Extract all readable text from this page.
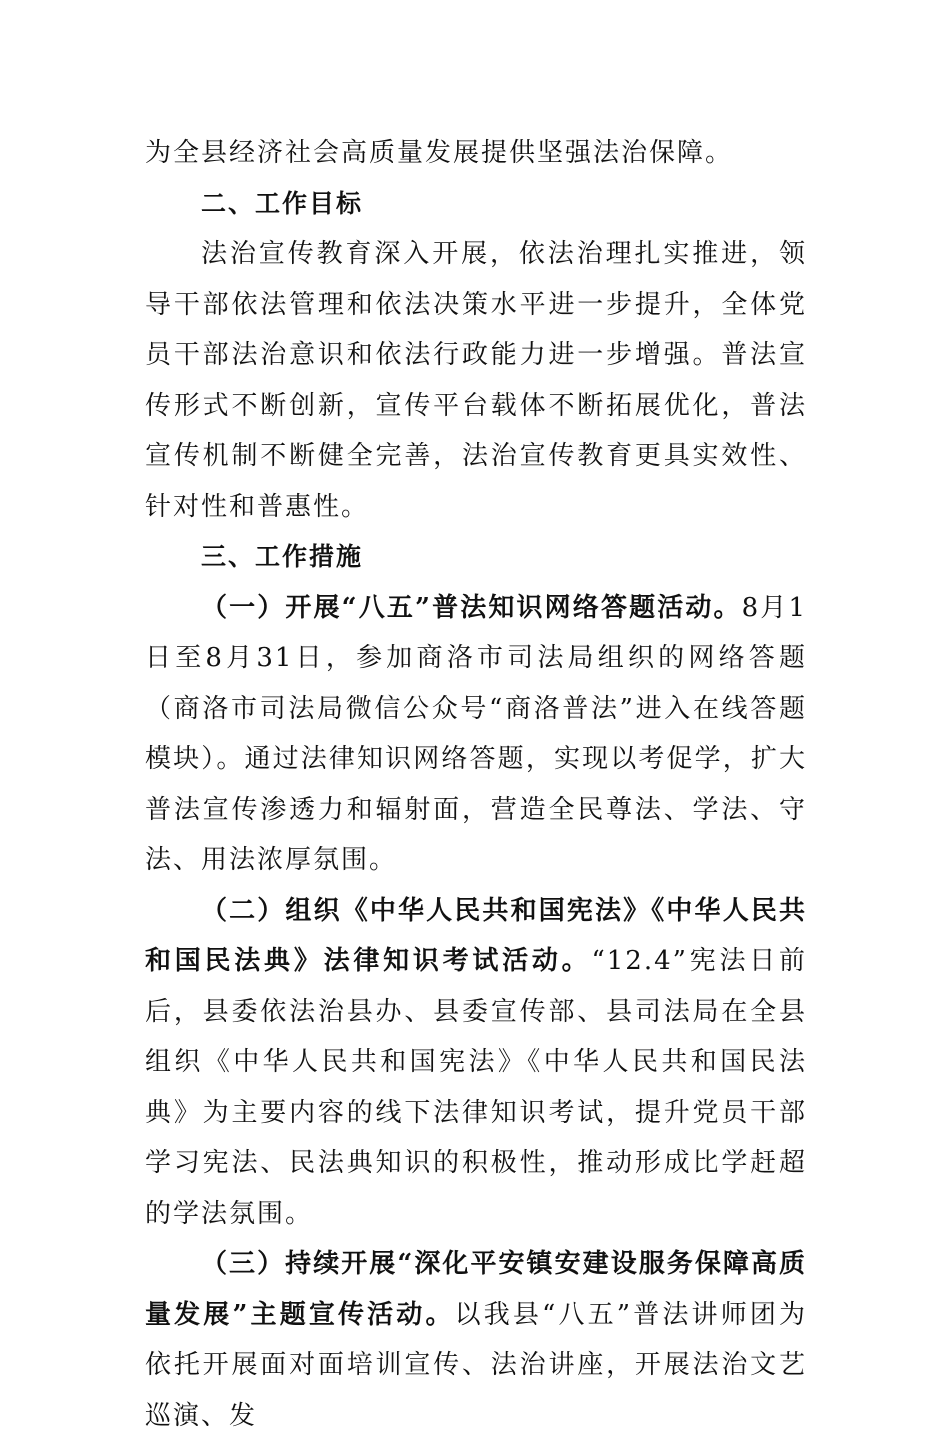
为全县经济社会高质量发展提供坚强法治保障。

二、工作目标

法治宣传教育深入开展，依法治理扎实推进，领导干部依法管理和依法决策水平进一步提升，全体党员干部法治意识和依法行政能力进一步增强。普法宣传形式不断创新，宣传平台载体不断拓展优化，普法宣传机制不断健全完善，法治宣传教育更具实效性、针对性和普惠性。

三、工作措施

（一）开展“八五”普法知识网络答题活动。8月1日至8月31日，参加商洛市司法局组织的网络答题（商洛市司法局微信公众号“商洛普法”进入在线答题模块）。通过法律知识网络答题，实现以考促学，扩大普法宣传渗透力和辐射面，营造全民尊法、学法、守法、用法浓厚氛围。

（二）组织《中华人民共和国宪法》《中华人民共和国民法典》法律知识考试活动。“12.4”宪法日前后，县委依法治县办、县委宣传部、县司法局在全县组织《中华人民共和国宪法》《中华人民共和国民法典》为主要内容的线下法律知识考试，提升党员干部学习宪法、民法典知识的积极性，推动形成比学赶超的学法氛围。

（三）持续开展“深化平安镇安建设服务保障高质量发展”主题宣传活动。以我县“八五”普法讲师团为依托开展面对面培训宣传、法治讲座，开展法治文艺巡演、发
